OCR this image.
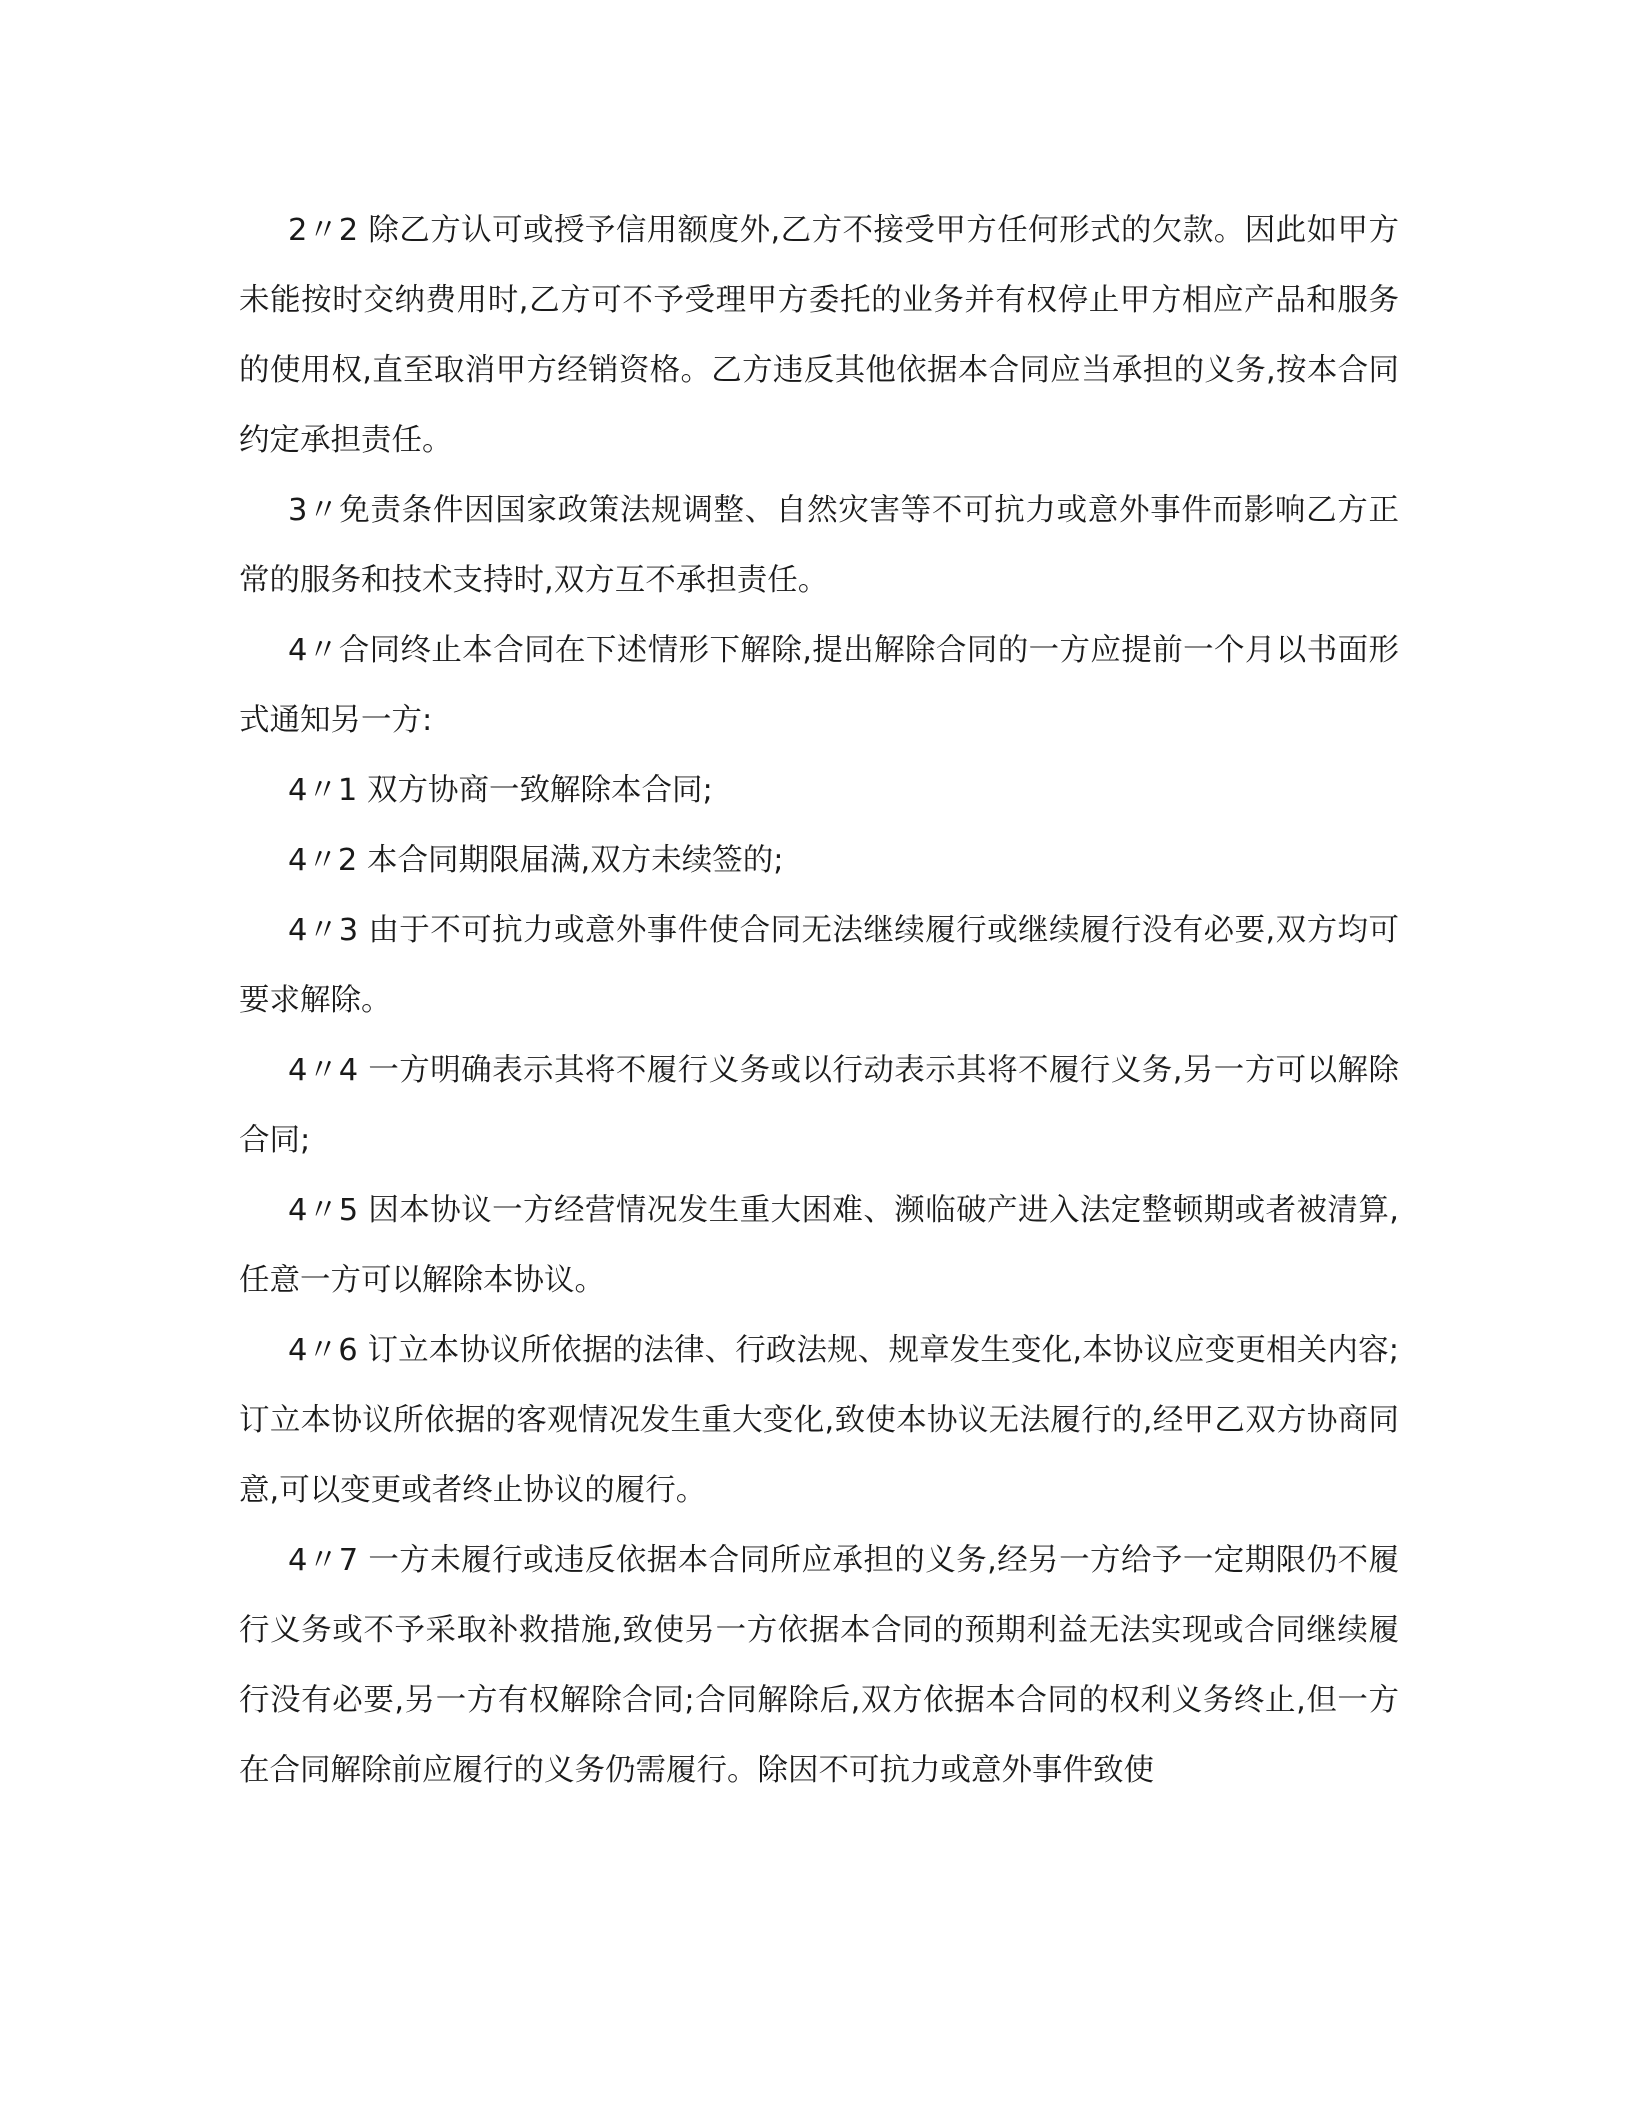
2〃2 除乙方认可或授予信用额度外,乙方不接受甲方任何形式的欠款。因此如甲方未能按时交纳费用时,乙方可不予受理甲方委托的业务并有权停止甲方相应产品和服务的使用权,直至取消甲方经销资格。乙方违反其他依据本合同应当承担的义务,按本合同约定承担责任。

3〃免责条件因国家政策法规调整、自然灾害等不可抗力或意外事件而影响乙方正常的服务和技术支持时,双方互不承担责任。

4〃合同终止本合同在下述情形下解除,提出解除合同的一方应提前一个月以书面形式通知另一方:

4〃1 双方协商一致解除本合同;

4〃2 本合同期限届满,双方未续签的;

4〃3 由于不可抗力或意外事件使合同无法继续履行或继续履行没有必要,双方均可要求解除。

4〃4 一方明确表示其将不履行义务或以行动表示其将不履行义务,另一方可以解除合同;

4〃5 因本协议一方经营情况发生重大困难、濒临破产进入法定整顿期或者被清算,任意一方可以解除本协议。

4〃6 订立本协议所依据的法律、行政法规、规章发生变化,本协议应变更相关内容;订立本协议所依据的客观情况发生重大变化,致使本协议无法履行的,经甲乙双方协商同意,可以变更或者终止协议的履行。

4〃7 一方未履行或违反依据本合同所应承担的义务,经另一方给予一定期限仍不履行义务或不予采取补救措施,致使另一方依据本合同的预期利益无法实现或合同继续履行没有必要,另一方有权解除合同;合同解除后,双方依据本合同的权利义务终止,但一方在合同解除前应履行的义务仍需履行。除因不可抗力或意外事件致使
